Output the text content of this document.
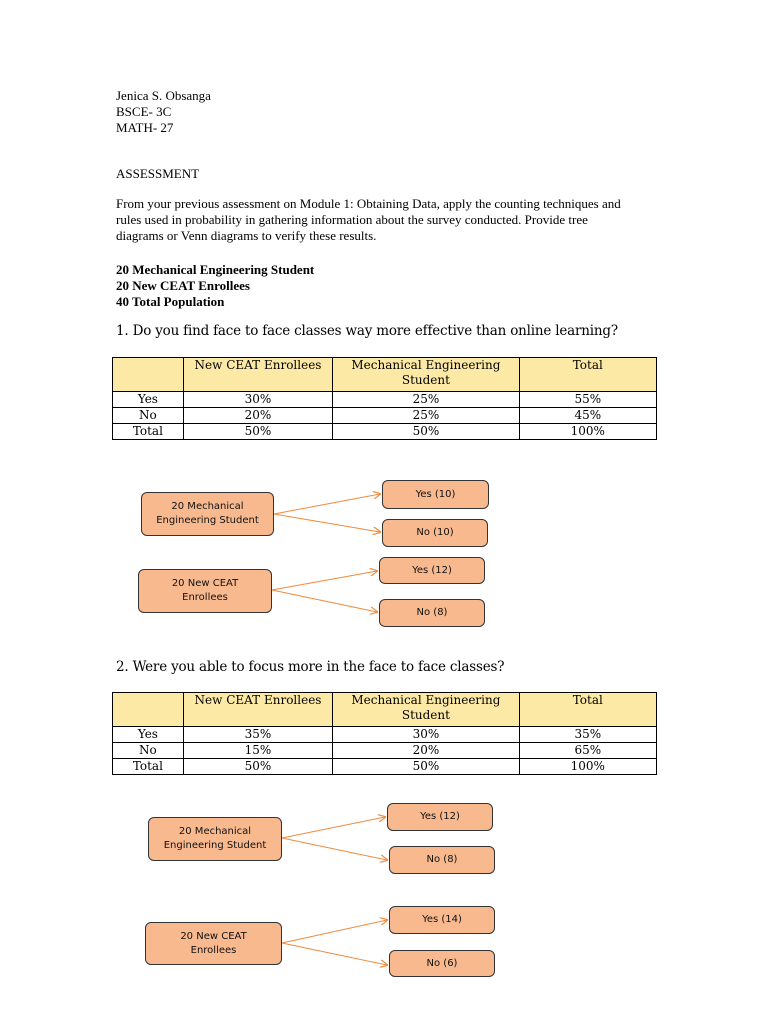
Jenica S. Obsanga
BSCE- 3C
MATH- 27
ASSESSMENT
From your previous assessment on Module 1: Obtaining Data, apply the counting techniques and rules used in probability in gathering information about the survey conducted. Provide tree diagrams or Venn diagrams to verify these results.
20 Mechanical Engineering Student
20 New CEAT Enrollees
40 Total Population
1. Do you find face to face classes way more effective than online learning?
	New CEAT Enrollees	Mechanical Engineering Student	Total
Yes	30%	25%	55%
No	20%	25%	45%
Total	50%	50%	100%
20 Mechanical Engineering Student
Yes (10)
No (10)
20 New CEAT Enrollees
Yes (12)
No (8)
2. Were you able to focus more in the face to face classes?
	New CEAT Enrollees	Mechanical Engineering Student	Total
Yes	35%	30%	35%
No	15%	20%	65%
Total	50%	50%	100%
20 Mechanical Engineering Student
Yes (12)
No (8)
20 New CEAT Enrollees
Yes (14)
No (6)
